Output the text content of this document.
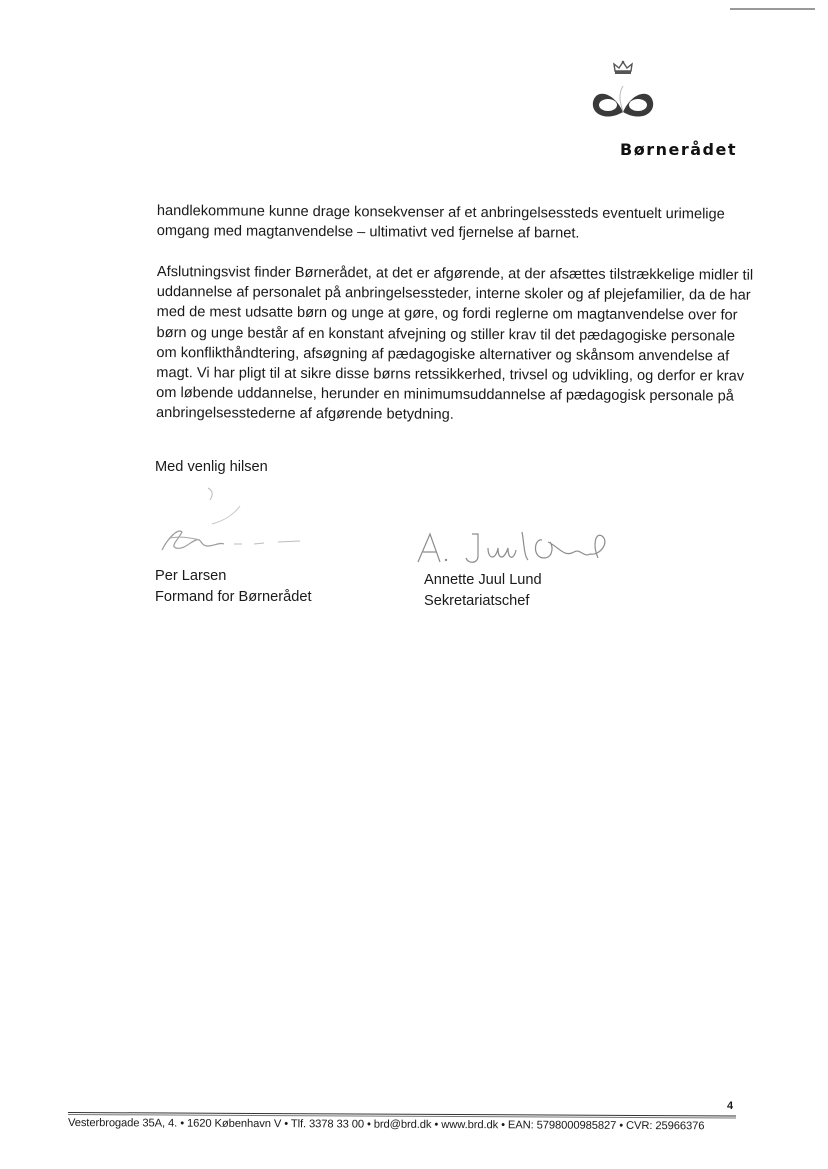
Børnerådet

handlekommune kunne drage konsekvenser af et anbringelsessteds eventuelt urimelige omgang med magtanvendelse – ultimativt ved fjernelse af barnet.

Afslutningsvist finder Børnerådet, at det er afgørende, at der afsættes tilstrækkelige midler til uddannelse af personalet på anbringelsessteder, interne skoler og af plejefamilier, da de har med de mest udsatte børn og unge at gøre, og fordi reglerne om magtanvendelse over for børn og unge består af en konstant afvejning og stiller krav til det pædagogiske personale om konflikthåndtering, afsøgning af pædagogiske alternativer og skånsom anvendelse af magt. Vi har pligt til at sikre disse børns retssikkerhed, trivsel og udvikling, og derfor er krav om løbende uddannelse, herunder en minimumsuddannelse af pædagogisk personale på anbringelsesstederne af afgørende betydning.

Med venlig hilsen

Per Larsen
Formand for Børnerådet
Annette Juul Lund
Sekretariatschef
4
Vesterbrogade 35A, 4. • 1620 København V • Tlf. 3378 33 00 • brd@brd.dk • www.brd.dk • EAN: 5798000985827 • CVR: 25966376
